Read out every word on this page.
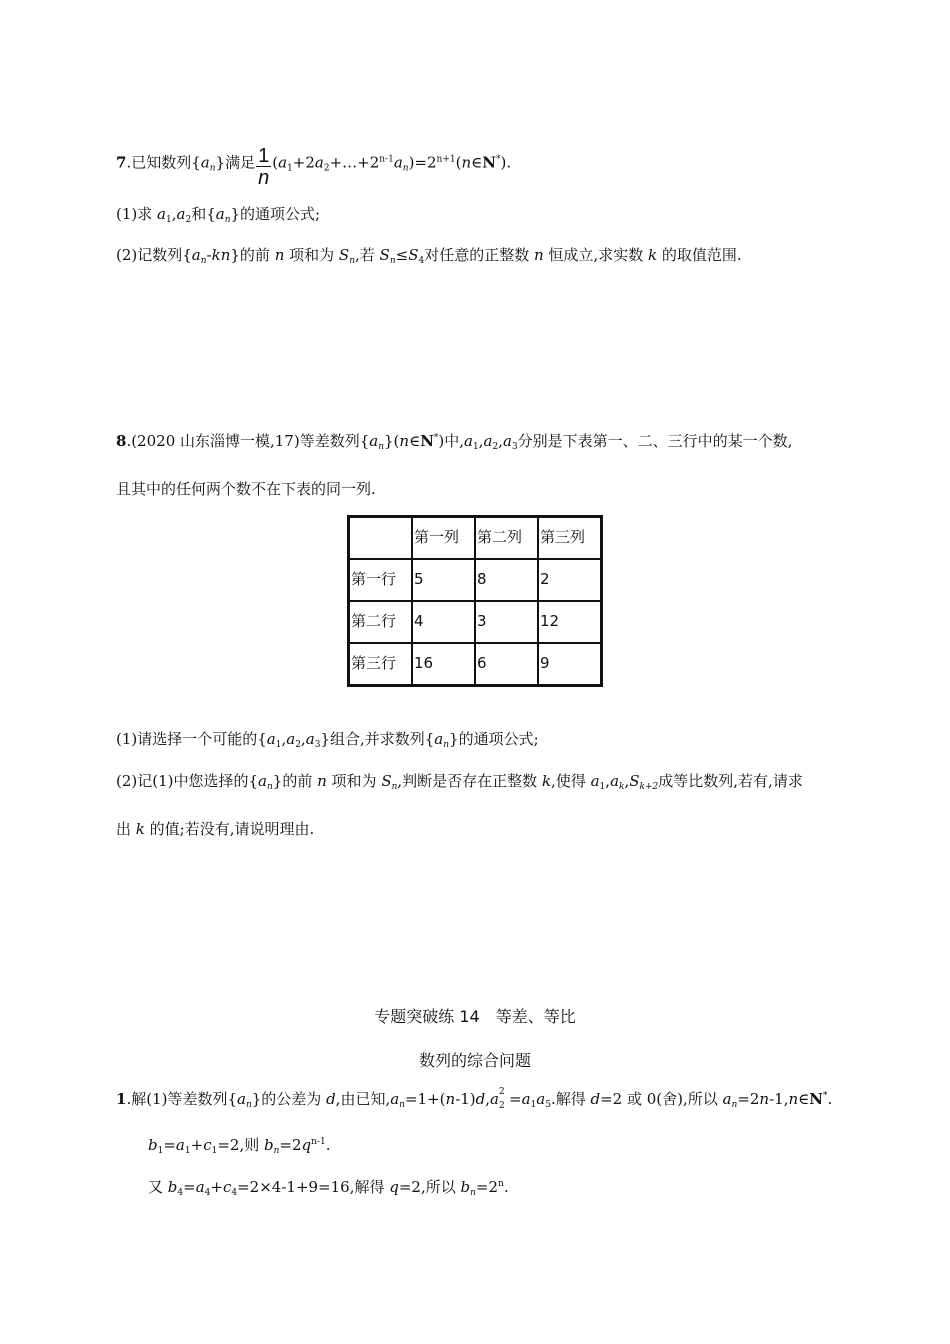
7.已知数列$\{a_n\}$满足 $\frac{1}{n}$ $(a_1+2a_2+\dots+2^{n-1}a_n)=2^{n+1}(n\in N^*)$.
(1)求 $a_1,a_2$和$\{a_n\}$的通项公式;
(2)记数列$\{a_n-kn\}$的前 n 项和为 $S_n$,若 $S_n\le S_4$对任意的正整数 n 恒成立,求实数 k 的取值范围.
8.(2020 山东淄博一模,17)等差数列$\{a_n\}(n\in N^*)$中$,a_1,a_2,a_3$分别是下表第一、二、三行中的某一个数,
且其中的任何两个数不在下表的同一列.
	第一列	第二列	第三列
第一行	5	8	2
第二行	4	3	12
第三行	16	6	9
(1)请选择一个可能的$\{a_1,a_2,a_3\}$组合,并求数列$\{a_n\}$的通项公式;
(2)记(1)中您选择的$\{a_n\}$的前 n 项和为 $S_n$,判断是否存在正整数 k,使得 $a_1,a_k,S_{k+2}$成等比数列,若有,请求
出 k 的值;若没有,请说明理由.
专题突破练 14　等差、等比
数列的综合问题
1.解(1)等差数列$\{a_n\}$的公差为 d,由已知$,a_n=1+(n-1)d,a$ 2
$2 =a_1a_5$.解得 d=2 或 0(舍),所以 $a_n=2n-1,n\in N^*$.
$b_1=a_1+c_1=2$,则 $b_n=2q^{n-1}$.
又 $b_4=a_4+c_4=2\times 4-1+9=16$,解得 q=2,所以 $b_n=2^n$.
